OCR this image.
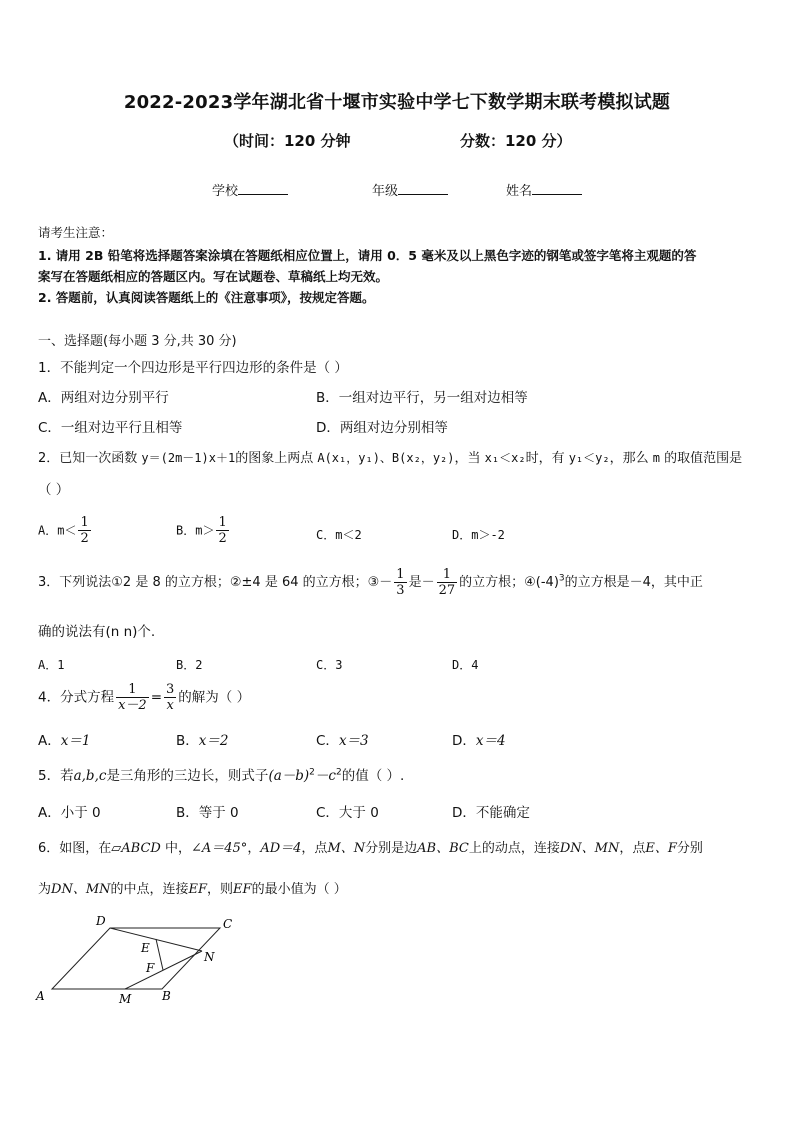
2022-2023学年湖北省十堰市实验中学七下数学期末联考模拟试题
（时间：120 分钟	分数：120 分）
学校	年级	姓名
请考生注意：
1. 请用 2B 铅笔将选择题答案涂填在答题纸相应位置上，请用 0．5 毫米及以上黑色字迹的钢笔或签字笔将主观题的答
案写在答题纸相应的答题区内。写在试题卷、草稿纸上均无效。
2. 答题前，认真阅读答题纸上的《注意事项》，按规定答题。
一、选择题(每小题 3 分,共 30 分)
1．不能判定一个四边形是平行四边形的条件是（ ）
A．两组对边分别平行	B．一组对边平行，另一组对边相等
C．一组对边平行且相等	D．两组对边分别相等
2．已知一次函数 y＝(2m－1)x＋1的图象上两点 A(x₁，y₁)、B(x₂，y₂)，当 x₁＜x₂时，有 y₁＜y₂，那么 m 的取值范围是
（ ）
A．$m< \frac{1}{2}$	B．$m> \frac{1}{2}$	C．m＜2	D．m＞-2
3．下列说法①2 是 8 的立方根；②±4 是 64 的立方根；③－ $\frac{1}{3}$ 是－ $\frac{1}{27}$ 的立方根；$④(-4)^3$的立方根是－4，其中正
确的说法有(n n)个.
A．1	B．2	C．3	D．4
4．分式方程 $\frac{1}{x-2} = \frac{3}{x}$ 的解为（ ）
A．x＝1	B．x＝2	C．x＝3	D．x＝4
5．若a,b,c是三角形的三边长，则式子$(a-b)^2-c^2$的值（ ）.
A．小于 0	B．等于 0	C．大于 0	D．不能确定
6．如图，在▱ABCD 中，∠A＝45°，AD＝4，点M、N分别是边AB、BC上的动点，连接DN、MN，点E、F分别
为DN、MN的中点，连接EF，则EF的最小值为（ ）
A	B
C
D
E
F
M
N
